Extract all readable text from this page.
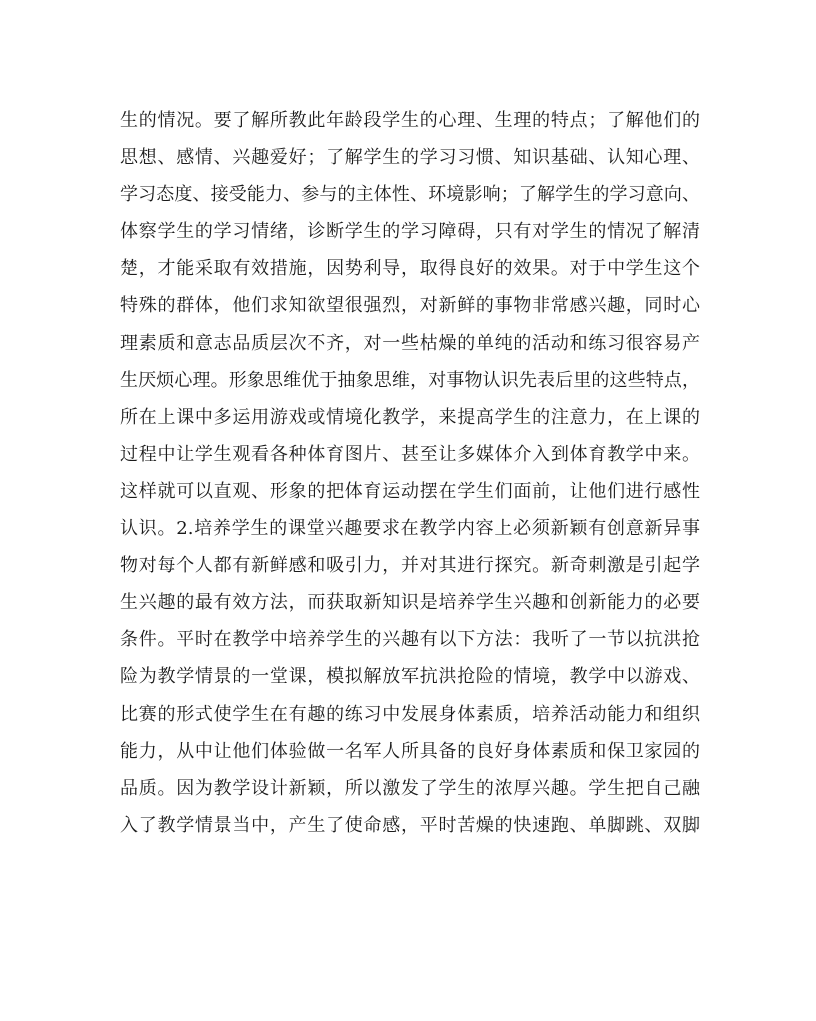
生的情况。要了解所教此年龄段学生的心理、生理的特点；了解他们的
思想、感情、兴趣爱好；了解学生的学习习惯、知识基础、认知心理、
学习态度、接受能力、参与的主体性、环境影响；了解学生的学习意向、
体察学生的学习情绪，诊断学生的学习障碍，只有对学生的情况了解清
楚，才能采取有效措施，因势利导，取得良好的效果。对于中学生这个
特殊的群体，他们求知欲望很强烈，对新鲜的事物非常感兴趣，同时心
理素质和意志品质层次不齐，对一些枯燥的单纯的活动和练习很容易产
生厌烦心理。形象思维优于抽象思维，对事物认识先表后里的这些特点，
所在上课中多运用游戏或情境化教学，来提高学生的注意力，在上课的
过程中让学生观看各种体育图片、甚至让多媒体介入到体育教学中来。
这样就可以直观、形象的把体育运动摆在学生们面前，让他们进行感性
认识。2.培养学生的课堂兴趣要求在教学内容上必须新颖有创意新异事
物对每个人都有新鲜感和吸引力，并对其进行探究。新奇刺激是引起学
生兴趣的最有效方法，而获取新知识是培养学生兴趣和创新能力的必要
条件。平时在教学中培养学生的兴趣有以下方法：我听了一节以抗洪抢
险为教学情景的一堂课，模拟解放军抗洪抢险的情境，教学中以游戏、
比赛的形式使学生在有趣的练习中发展身体素质，培养活动能力和组织
能力，从中让他们体验做一名军人所具备的良好身体素质和保卫家园的
品质。因为教学设计新颖，所以激发了学生的浓厚兴趣。学生把自己融
入了教学情景当中，产生了使命感，平时苦燥的快速跑、单脚跳、双脚
